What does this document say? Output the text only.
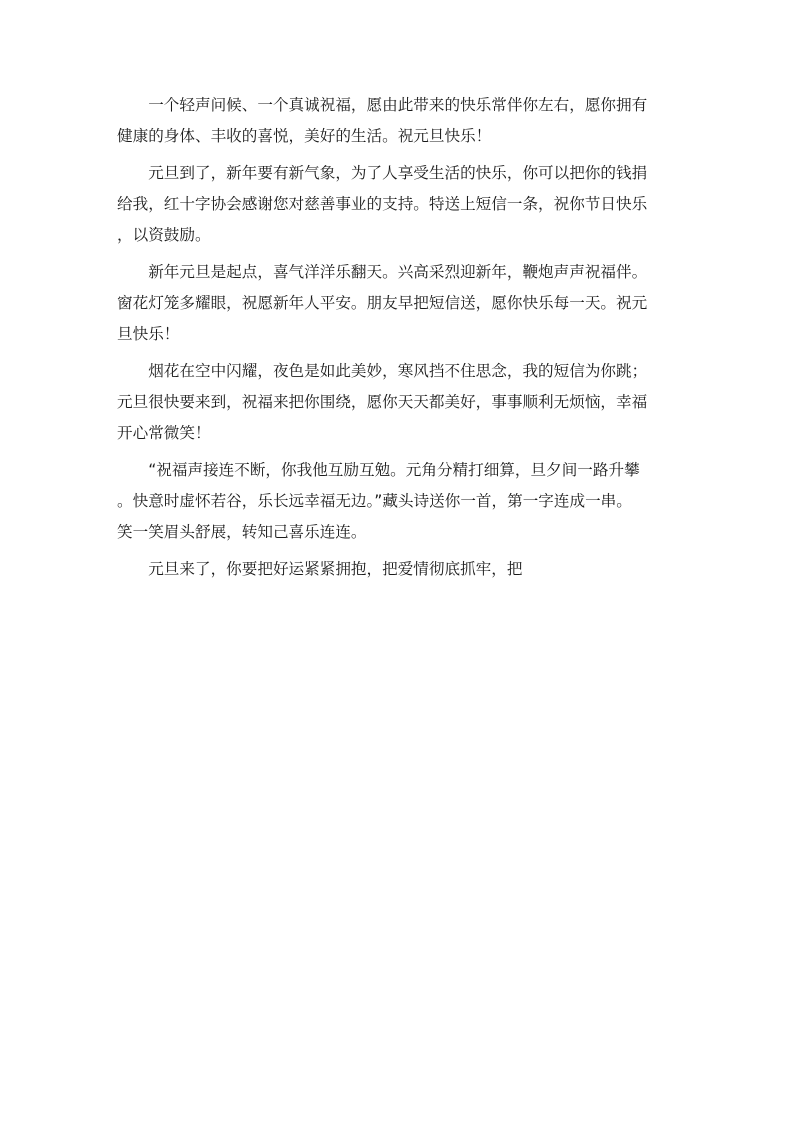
一个轻声问候、一个真诚祝福，愿由此带来的快乐常伴你左右，愿你拥有
健康的身体、丰收的喜悦，美好的生活。祝元旦快乐！
元旦到了，新年要有新气象，为了人享受生活的快乐，你可以把你的钱捐
给我，红十字协会感谢您对慈善事业的支持。特送上短信一条，祝你节日快乐
，以资鼓励。
新年元旦是起点，喜气洋洋乐翻天。兴高采烈迎新年，鞭炮声声祝福伴。
窗花灯笼多耀眼，祝愿新年人平安。朋友早把短信送，愿你快乐每一天。祝元
旦快乐！
烟花在空中闪耀，夜色是如此美妙，寒风挡不住思念，我的短信为你跳；
元旦很快要来到，祝福来把你围绕，愿你天天都美好，事事顺利无烦恼，幸福
开心常微笑！
“祝福声接连不断，你我他互励互勉。元角分精打细算，旦夕间一路升攀
。快意时虚怀若谷，乐长远幸福无边。”藏头诗送你一首，第一字连成一串。
笑一笑眉头舒展，转知己喜乐连连。
元旦来了，你要把好运紧紧拥抱，把爱情彻底抓牢，把
